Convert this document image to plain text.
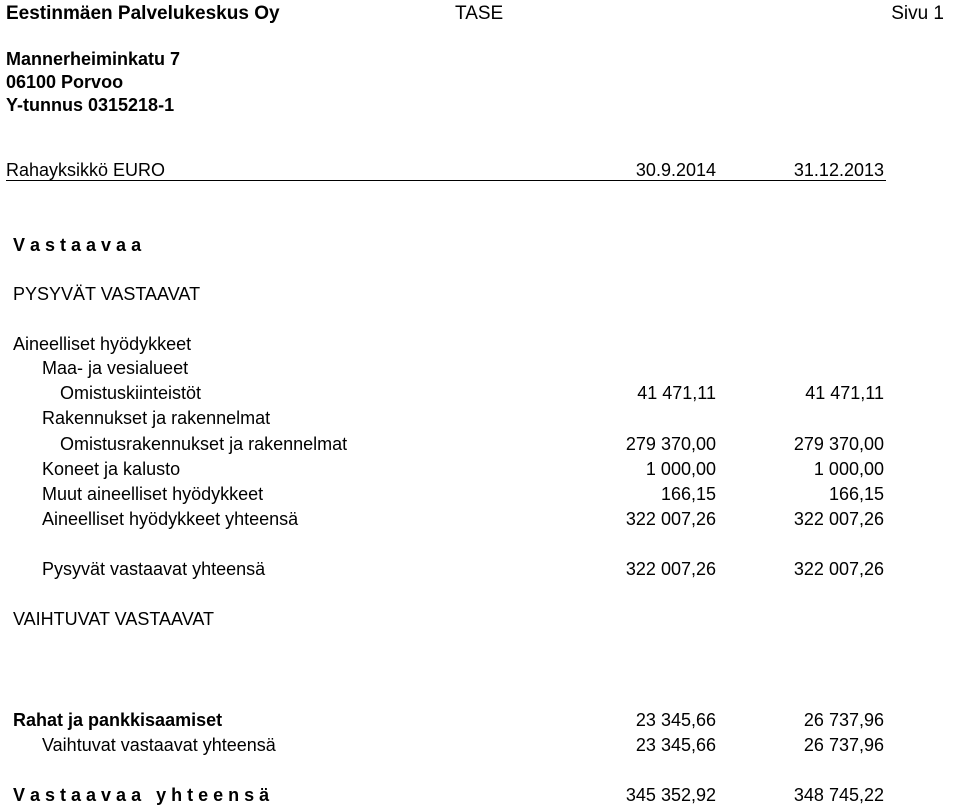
Eestinmäen Palvelukeskus Oy	TASE	Sivu 1
Mannerheiminkatu 7
06100 Porvoo
Y-tunnus 0315218-1
Rahayksikkö EURO	30.9.2014	31.12.2013
V a s t a a v a a
PYSYVÄT VASTAAVAT
Aineelliset hyödykkeet
Maa- ja vesialueet
Omistuskiinteistöt	41 471,11	41 471,11
Rakennukset ja rakennelmat
Omistusrakennukset ja rakennelmat	279 370,00	279 370,00
Koneet ja kalusto	1 000,00	1 000,00
Muut aineelliset hyödykkeet	166,15	166,15
Aineelliset hyödykkeet yhteensä	322 007,26	322 007,26
Pysyvät vastaavat yhteensä	322 007,26	322 007,26
VAIHTUVAT VASTAAVAT
Rahat ja pankkisaamiset	23 345,66	26 737,96
Vaihtuvat vastaavat yhteensä	23 345,66	26 737,96
V a s t a a v a a   y h t e e n s ä	345 352,92	348 745,22
